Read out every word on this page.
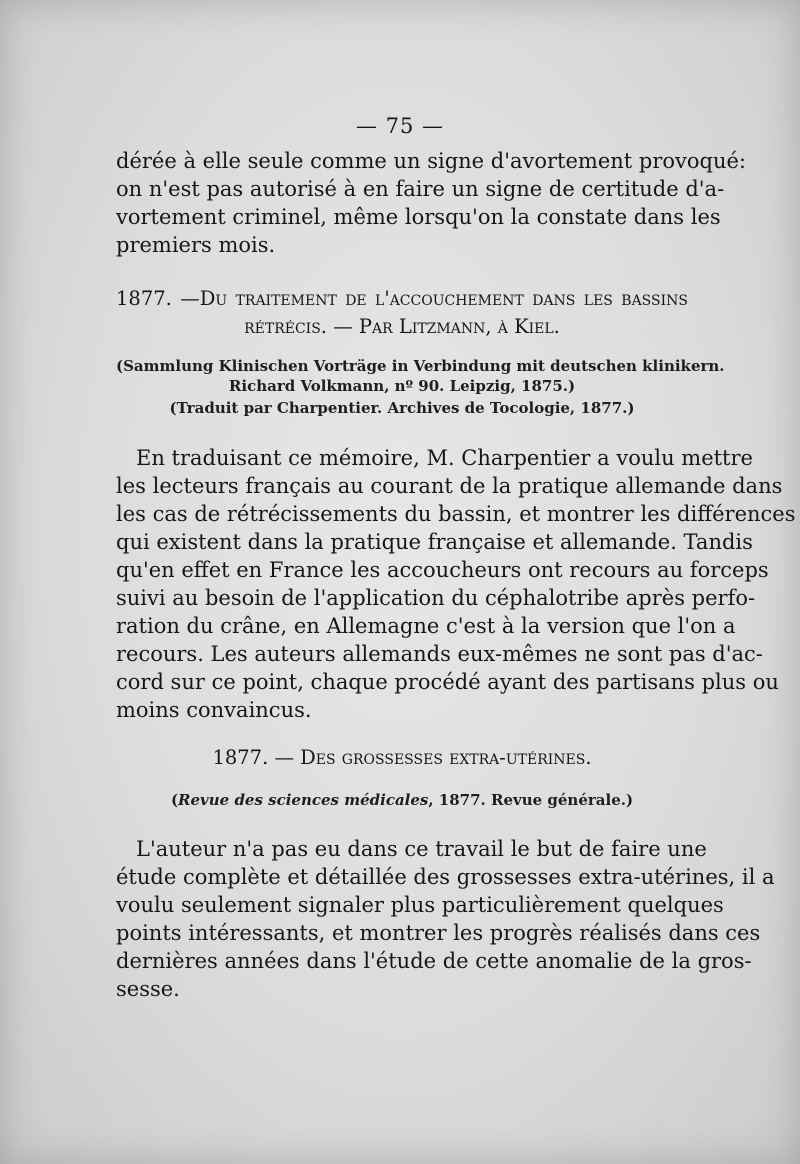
— 75 —
dérée à elle seule comme un signe d'avortement provoqué:
on n'est pas autorisé à en faire un signe de certitude d'a-
vortement criminel, même lorsqu'on la constate dans les
premiers mois.
1877. —Du traitement de l'accouchement dans les bassins
rétrécis. — Par Litzmann, à Kiel.
(Sammlung Klinischen Vorträge in Verbindung mit deutschen klinikern.
Richard Volkmann, nº 90. Leipzig, 1875.)
(Traduit par Charpentier. Archives de Tocologie, 1877.)
En traduisant ce mémoire, M. Charpentier a voulu mettre
les lecteurs français au courant de la pratique allemande dans
les cas de rétrécissements du bassin, et montrer les différences
qui existent dans la pratique française et allemande. Tandis
qu'en effet en France les accoucheurs ont recours au forceps
suivi au besoin de l'application du céphalotribe après perfo-
ration du crâne, en Allemagne c'est à la version que l'on a
recours. Les auteurs allemands eux-mêmes ne sont pas d'ac-
cord sur ce point, chaque procédé ayant des partisans plus ou
moins convaincus.
1877. — Des grossesses extra-utérines.
(Revue des sciences médicales, 1877. Revue générale.)
L'auteur n'a pas eu dans ce travail le but de faire une
étude complète et détaillée des grossesses extra-utérines, il a
voulu seulement signaler plus particulièrement quelques
points intéressants, et montrer les progrès réalisés dans ces
dernières années dans l'étude de cette anomalie de la gros-
sesse.
